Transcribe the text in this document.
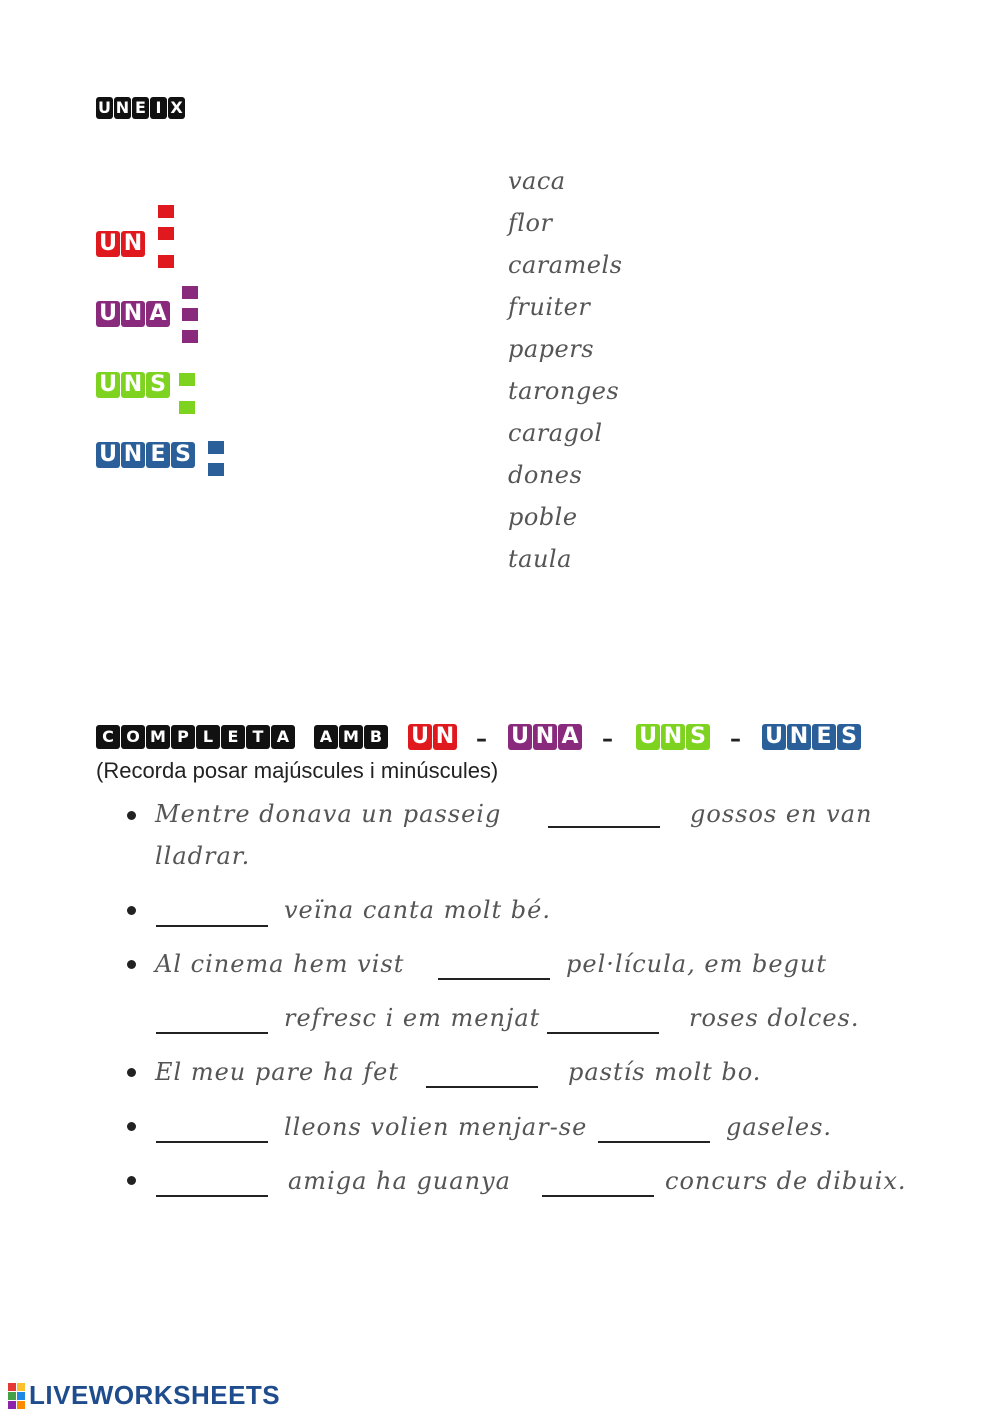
U N E I X
U N
U N A
U N S
U N E S
vaca
flor
caramels
fruiter
papers
taronges
caragol
dones
poble
taula
C O M P L E T A	A M B U N – U N A – U N S – U N E S
(Recorda posar majúscules i minúscules)
Mentre donava un passeig	gossos en van
lladrar.
veïna canta molt bé.
Al cinema hem vist	pel·lícula, em begut
refresc i em menjat	roses dolces.
El meu pare ha fet	pastís molt bo.
lleons volien menjar-se	gaseles.
amiga ha guanya	concurs de dibuix.
LIVEWORKSHEETS
